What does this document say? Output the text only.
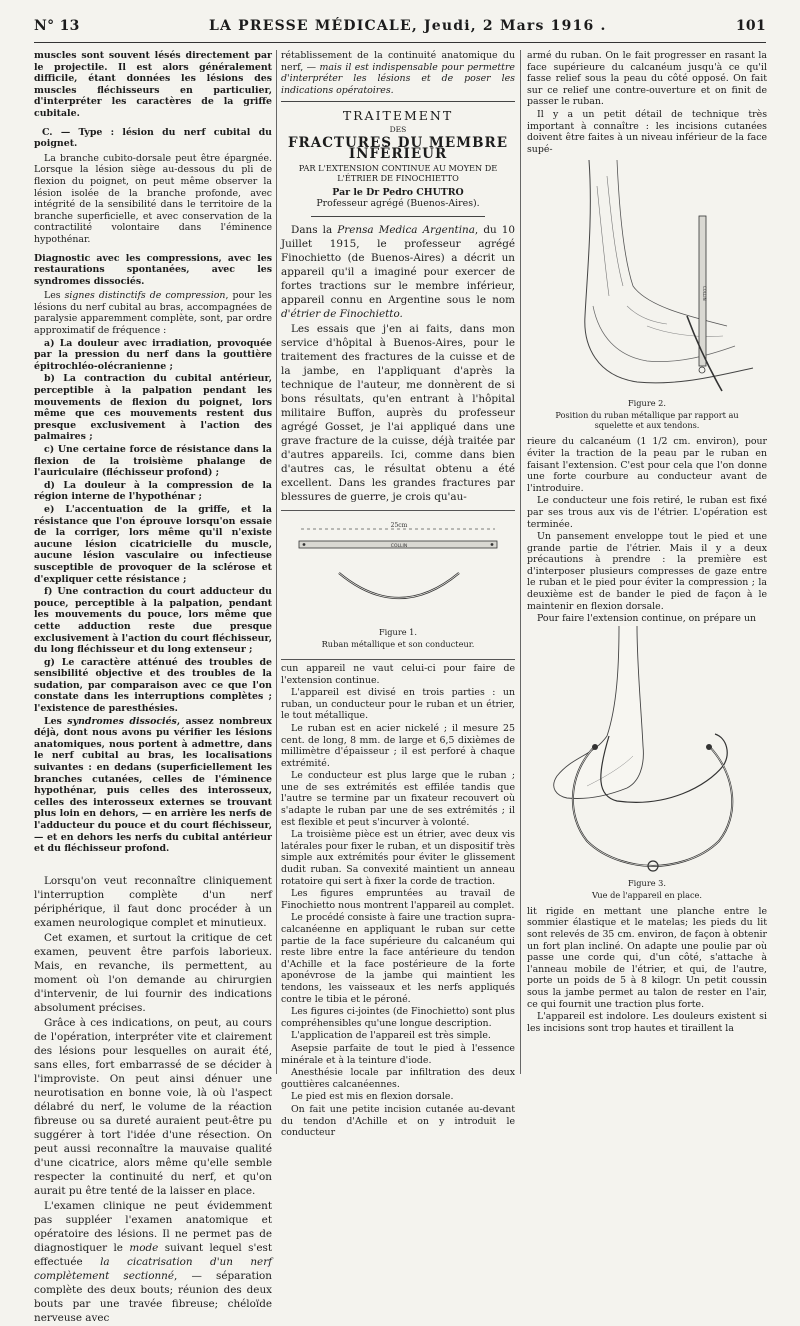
N° 13	LA PRESSE MÉDICALE, Jeudi, 2 Mars 1916 .	101

muscles sont souvent lésés directement par le projectile. Il est alors généralement difficile, étant données les lésions des muscles fléchisseurs en particulier, d'interpréter les caractères de la griffe cubitale.

C. — Type : lésion du nerf cubital du poignet.

La branche cubito-dorsale peut être épargnée. Lorsque la lésion siège au-dessous du pli de flexion du poignet, on peut même observer la lésion isolée de la branche profonde, avec intégrité de la sensibilité dans le territoire de la branche superficielle, et avec conservation de la contractilité volontaire dans l'éminence hypothénar.

Diagnostic avec les compressions, avec les restaurations spontanées, avec les syndromes dissociés.

Les signes distinctifs de compression, pour les lésions du nerf cubital au bras, accompagnées de paralysie apparemment complète, sont, par ordre approximatif de fréquence :

a) La douleur avec irradiation, provoquée par la pression du nerf dans la gouttière épitrochléo-olécranienne ;

b) La contraction du cubital antérieur, perceptible à la palpation pendant les mouvements de flexion du poignet, lors même que ces mouvements restent dus presque exclusivement à l'action des palmaires ;

c) Une certaine force de résistance dans la flexion de la troisième phalange de l'auriculaire (fléchisseur profond) ;

d) La douleur à la compression de la région interne de l'hypothénar ;

e) L'accentuation de la griffe, et la résistance que l'on éprouve lorsqu'on essaie de la corriger, lors même qu'il n'existe aucune lésion cicatricielle du muscle, aucune lésion vasculaire ou infectieuse susceptible de provoquer de la sclérose et d'expliquer cette résistance ;

f) Une contraction du court adducteur du pouce, perceptible à la palpation, pendant les mouvements du pouce, lors même que cette adduction reste due presque exclusivement à l'action du court fléchisseur, du long fléchisseur et du long extenseur ;

g) Le caractère atténué des troubles de sensibilité objective et des troubles de la sudation, par comparaison avec ce que l'on constate dans les interruptions complètes ; l'existence de paresthésies.

Les syndromes dissociés, assez nombreux déjà, dont nous avons pu vérifier les lésions anatomiques, nous portent à admettre, dans le nerf cubital au bras, les localisations suivantes : en dedans (superficiellement les branches cutanées, celles de l'éminence hypothénar, puis celles des interosseux, celles des interosseux externes se trouvant plus loin en dehors, — en arrière les nerfs de l'adducteur du pouce et du court fléchisseur, — et en dehors les nerfs du cubital antérieur et du fléchisseur profond.

Lorsqu'on veut reconnaître cliniquement l'interruption complète d'un nerf périphérique, il faut donc procéder à un examen neurologique complet et minutieux.

Cet examen, et surtout la critique de cet examen, peuvent être parfois laborieux. Mais, en revanche, ils permettent, au moment où l'on demande au chirurgien d'intervenir, de lui fournir des indications absolument précises.

Grâce à ces indications, on peut, au cours de l'opération, interpréter vite et clairement des lésions pour lesquelles on aurait été, sans elles, fort embarrassé de se décider à l'improviste. On peut ainsi dénuer une neurotisation en bonne voie, là où l'aspect délabré du nerf, le volume de la réaction fibreuse ou sa dureté auraient peut-être pu suggérer à tort l'idée d'une résection. On peut aussi reconnaître la mauvaise qualité d'une cicatrice, alors même qu'elle semble respecter la continuité du nerf, et qu'on aurait pu être tenté de la laisser en place.

L'examen clinique ne peut évidemment pas suppléer l'examen anatomique et opératoire des lésions. Il ne permet pas de diagnostiquer le mode suivant lequel s'est effectuée la cicatrisation d'un nerf complètement sectionné, — séparation complète des deux bouts; réunion des deux bouts par une travée fibreuse; chéloïde nerveuse avec

rétablissement de la continuité anatomique du nerf, — mais il est indispensable pour permettre d'interpréter les lésions et de poser les indications opératoires.

TRAITEMENT
DES
FRACTURES DU MEMBRE INFÉRIEUR
PAR L'EXTENSION CONTINUE AU MOYEN DE L'ÉTRIER DE FINOCHIETTO
Par le Dr Pedro CHUTRO
Professeur agrégé (Buenos-Aires).

Dans la Prensa Medica Argentina, du 10 Juillet 1915, le professeur agrégé Finochietto (de Buenos-Aires) a décrit un appareil qu'il a imaginé pour exercer de fortes tractions sur le membre inférieur, appareil connu en Argentine sous le nom d'étrier de Finochietto.

Les essais que j'en ai faits, dans mon service d'hôpital à Buenos-Aires, pour le traitement des fractures de la cuisse et de la jambe, en l'appliquant d'après la technique de l'auteur, me donnèrent de si bons résultats, qu'en entrant à l'hôpital militaire Buffon, auprès du professeur agrégé Gosset, je l'ai appliqué dans une grave fracture de la cuisse, déjà traitée par d'autres appareils. Ici, comme dans bien d'autres cas, le résultat obtenu a été excellent. Dans les grandes fractures par blessures de guerre, je crois qu'au-

25cm
COLLIN
Figure 1.
Ruban métallique et son conducteur.

cun appareil ne vaut celui-ci pour faire de l'extension continue.

L'appareil est divisé en trois parties : un ruban, un conducteur pour le ruban et un étrier, le tout métallique.

Le ruban est en acier nickelé ; il mesure 25 cent. de long, 8 mm. de large et 6,5 dixièmes de millimètre d'épaisseur ; il est perforé à chaque extrémité.

Le conducteur est plus large que le ruban ; une de ses extrémités est effilée tandis que l'autre se termine par un fixateur recouvert où s'adapte le ruban par une de ses extrémités ; il est flexible et peut s'incurver à volonté.

La troisième pièce est un étrier, avec deux vis latérales pour fixer le ruban, et un dispositif très simple aux extrémités pour éviter le glissement dudit ruban. Sa convexité maintient un anneau rotatoire qui sert à fixer la corde de traction.

Les figures empruntées au travail de Finochietto nous montrent l'appareil au complet.

Le procédé consiste à faire une traction supra-calcanéenne en appliquant le ruban sur cette partie de la face supérieure du calcanéum qui reste libre entre la face antérieure du tendon d'Achille et la face postérieure de la forte aponévrose de la jambe qui maintient les tendons, les vaisseaux et les nerfs appliqués contre le tibia et le péroné.

Les figures ci-jointes (de Finochietto) sont plus compréhensibles qu'une longue description.

L'application de l'appareil est très simple.

Asepsie parfaite de tout le pied à l'essence minérale et à la teinture d'iode.

Anesthésie locale par infiltration des deux gouttières calcanéennes.

Le pied est mis en flexion dorsale.

On fait une petite incision cutanée au-devant du tendon d'Achille et on y introduit le conducteur

armé du ruban. On le fait progresser en rasant la face supérieure du calcanéum jusqu'à ce qu'il fasse relief sous la peau du côté opposé. On fait sur ce relief une contre-ouverture et on finit de passer le ruban.

Il y a un petit détail de technique très important à connaître : les incisions cutanées doivent être faites à un niveau inférieur de la face supé-

COLLIN
Figure 2.
Position du ruban métallique par rapport au squelette et aux tendons.

rieure du calcanéum (1 1/2 cm. environ), pour éviter la traction de la peau par le ruban en faisant l'extension. C'est pour cela que l'on donne une forte courbure au conducteur avant de l'introduire.

Le conducteur une fois retiré, le ruban est fixé par ses trous aux vis de l'étrier. L'opération est terminée.

Un pansement enveloppe tout le pied et une grande partie de l'étrier. Mais il y a deux précautions à prendre : la première est d'interposer plusieurs compresses de gaze entre le ruban et le pied pour éviter la compression ; la deuxième est de bander le pied de façon à le maintenir en flexion dorsale.

Pour faire l'extension continue, on prépare un

Figure 3.
Vue de l'appareil en place.

lit rigide en mettant une planche entre le sommier élastique et le matelas; les pieds du lit sont relevés de 35 cm. environ, de façon à obtenir un fort plan incliné. On adapte une poulie par où passe une corde qui, d'un côté, s'attache à l'anneau mobile de l'étrier, et qui, de l'autre, porte un poids de 5 à 8 kilogr. Un petit coussin sous la jambe permet au talon de rester en l'air, ce qui fournit une traction plus forte.

L'appareil est indolore. Les douleurs existent si les incisions sont trop hautes et tiraillent la
